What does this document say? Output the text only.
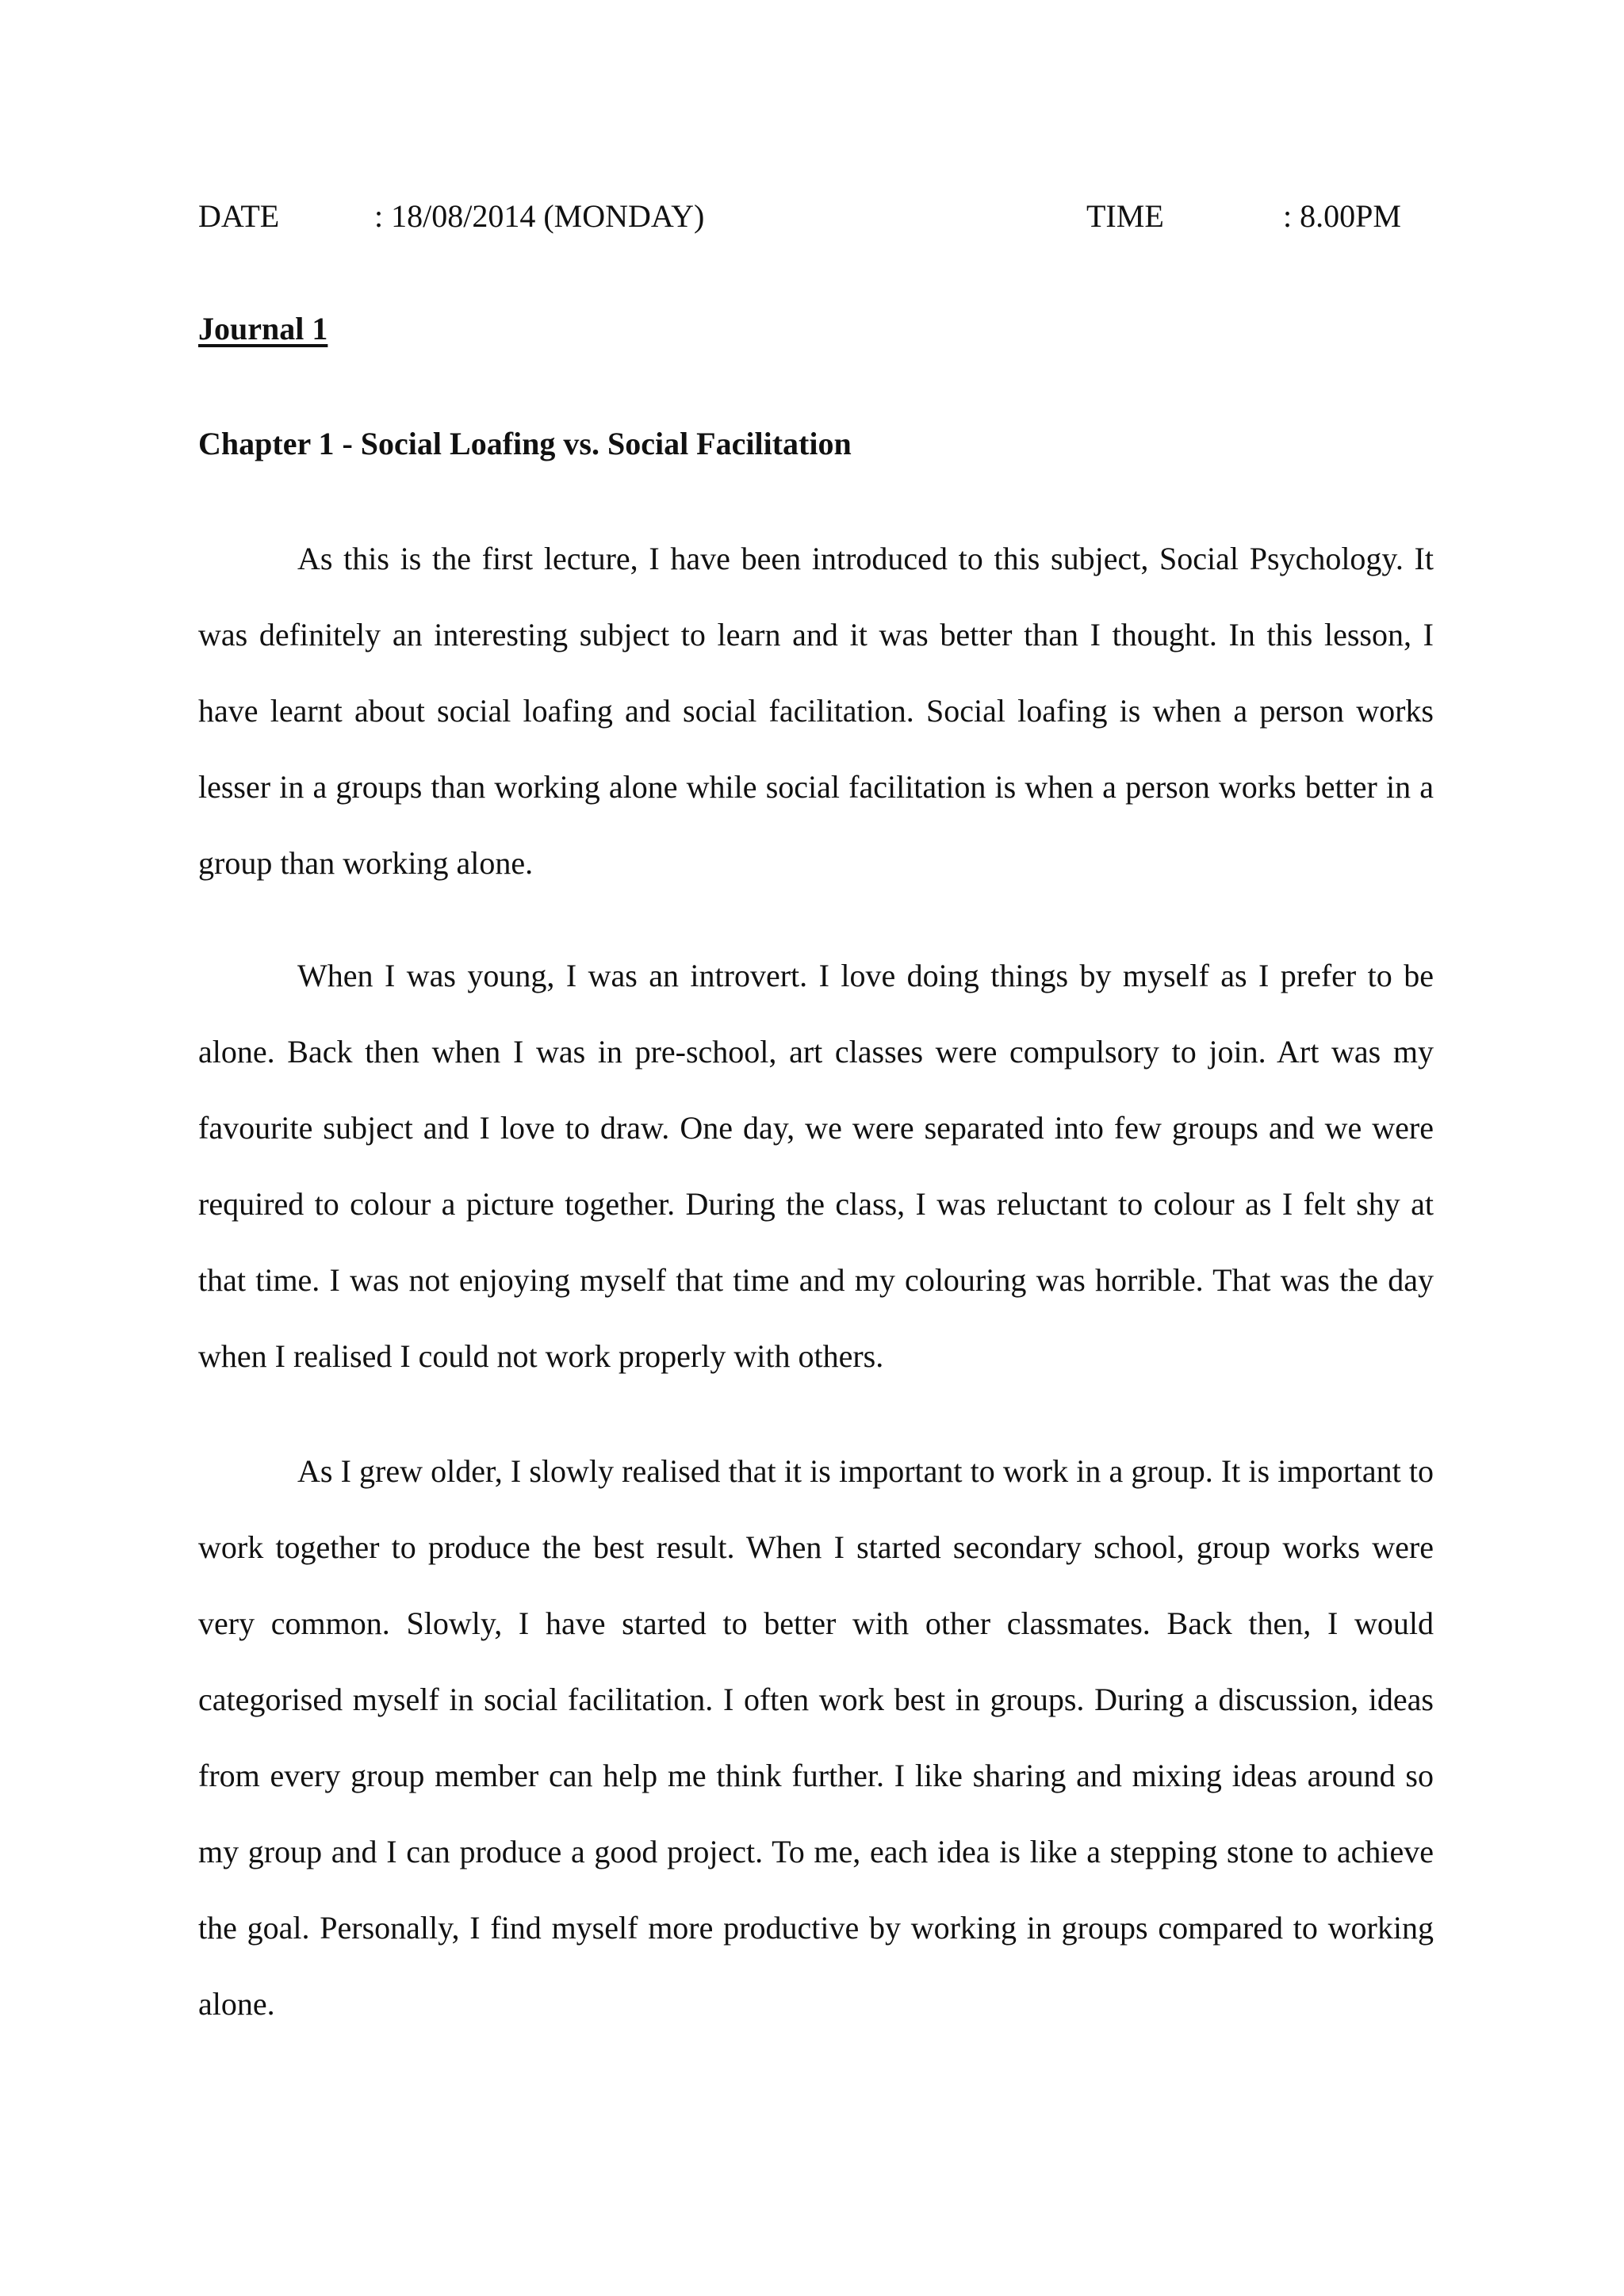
DATE	: 18/08/2014 (MONDAY)	TIME	: 8.00PM
Journal 1
Chapter 1 - Social Loafing vs. Social Facilitation

As this is the first lecture, I have been introduced to this subject, Social Psychology. It was definitely an interesting subject to learn and it was better than I thought. In this lesson, I have learnt about social loafing and social facilitation. Social loafing is when a person works lesser in a groups than working alone while social facilitation is when a person works better in a group than working alone.

When I was young, I was an introvert. I love doing things by myself as I prefer to be alone. Back then when I was in pre-school, art classes were compulsory to join. Art was my favourite subject and I love to draw. One day, we were separated into few groups and we were required to colour a picture together. During the class, I was reluctant to colour as I felt shy at that time. I was not enjoying myself that time and my colouring was horrible. That was the day when I realised I could not work properly with others.

As I grew older, I slowly realised that it is important to work in a group. It is important to work together to produce the best result. When I started secondary school, group works were very common. Slowly, I have started to better with other classmates. Back then, I would categorised myself in social facilitation. I often work best in groups. During a discussion, ideas from every group member can help me think further. I like sharing and mixing ideas around so my group and I can produce a good project. To me, each idea is like a stepping stone to achieve the goal. Personally, I find myself more productive by working in groups compared to working alone.
